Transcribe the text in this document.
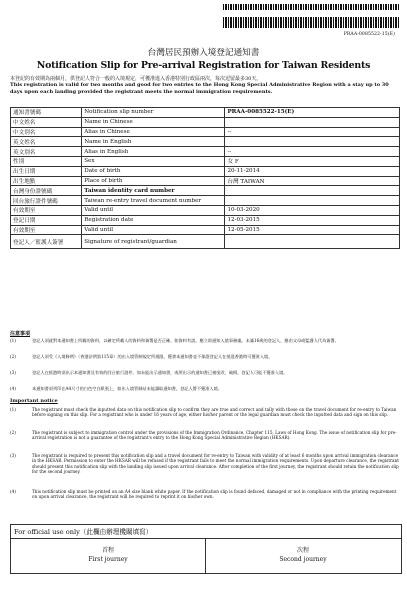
PRAA-0085522-15(E)
台灣居民預辦入境登記通知書
Notification Slip for Pre-arrival Registration for Taiwan Residents
本登記的有效期為兩個月，供登記人符合一般的入境規定，可獲准進入香港特別行政區兩次，每次逗留最多30天。
This registration is valid for two months and good for two entries to the Hong Kong Special Administrative Region with a stay up to 30 days upon each landing provided the registrant meets the normal immigration requirements.
通知書號碼	Notification slip number	PRAA-0085522-15(E)
中文姓名	Name in Chinese	
中文別名	Alias in Chinese	--
英文姓名	Name in English	
英文別名	Alias in English	--
性別	Sex	女 F
出生日期	Date of birth	20-11-2014
出生地點	Place of birth	台灣 TAIWAN
台灣身份證號碼	Taiwan identity card number	
回台旅行證件號碼	Taiwan re-entry travel document number	
有效期至	Valid until	10-03-2020
登記日期	Registration date	12-03-2015
有效期至	Valid until	12-05-2015
登記人／監護人簽署	Signature of registrant/guardian	
注意事項
(1)	登記人須就對本通知書上所載的資料，以確定所載人的資料和簽署是否正確。如資料有誤，應立即通知入境事務處。未滿16歲的登記人，應由父母或監護人代為簽署。
(2)	登記人須受《入境條例》（香港法例第115章）的出入境管制規定所規限。獲發本通知書並不保證登記人在抵達香港時可獲准入境。
(3)	登記人在抵港時須出示本通知書及有效的回台旅行證件。如未能出示通知書，或所出示的通知書已被塗改、破損，登記人可能不獲准入境。
(4)	本通知書須列印在A4尺寸的白色空白紙張上，如出入境管制站未能讀取通知書，登記人將不獲准入境。
Important notice
(1)	The registrant must check the inputted data on this notification slip to confirm they are true and correct and tally with those on the travel document for re-entry to Taiwan before signing on this slip. For a registrant who is under 16 years of age, either his/her parent or the legal guardian must check the inputted data and sign on this slip.
(2)	The registrant is subject to immigration control under the provisions of the Immigration Ordinance, Chapter 115, Laws of Hong Kong. The issue of notification slip for pre-arrival registration is not a guarantee of the registrant's entry to the Hong Kong Special Administrative Region (HKSAR).
(3)	The registrant is required to present this notification slip and a travel document for re-entry to Taiwan with validity of at least 6 months upon arrival immigration clearance in the HKSAR. Permission to enter the HKSAR will be refused if the registrant fails to meet the normal immigration requirements. Upon departure clearance, the registrant should present this notification slip with the landing slip issued upon arrival clearance. After completion of the first journey, the registrant should retain the notification slip for the second journey.
(4)	This notification slip must be printed on an A4 size blank white paper. If the notification slip is found defaced, damaged or not in compliance with the printing requirement on upon arrival clearance, the registrant will be required to reprint it on his/her own.
For official use only（此欄由辦理機關填寫）
首程
First journey
次程
Second journey
